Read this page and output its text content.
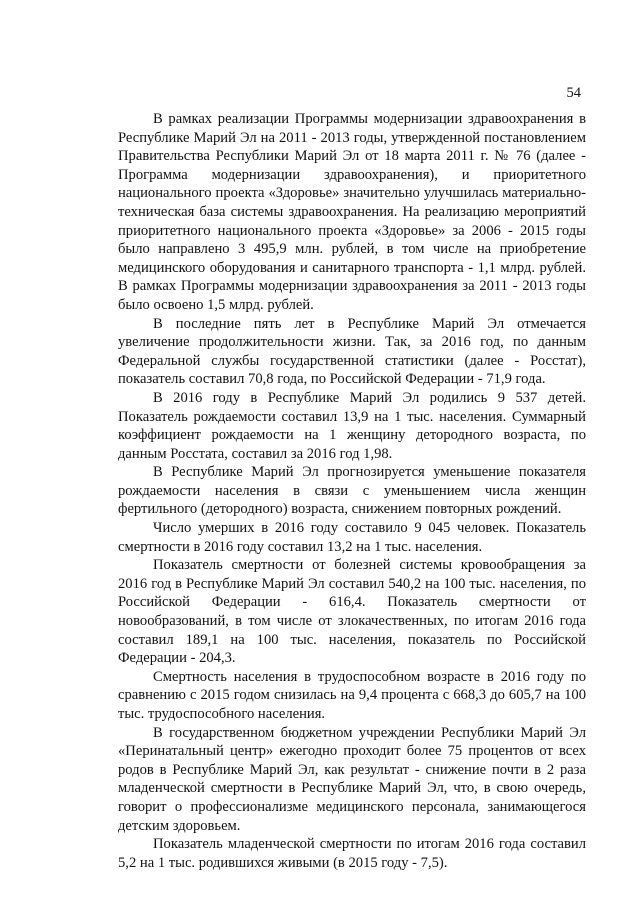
54

В рамках реализации Программы модернизации здравоохранения в Республике Марий Эл на 2011 - 2013 годы, утвержденной постановлением Правительства Республики Марий Эл от 18 марта 2011 г. № 76 (далее - Программа модернизации здравоохранения), и приоритетного национального проекта «Здоровье» значительно улучшилась материально-техническая база системы здравоохранения. На реализацию мероприятий приоритетного национального проекта «Здоровье» за 2006 - 2015 годы было направлено 3 495,9 млн. рублей, в том числе на приобретение медицинского оборудования и санитарного транспорта - 1,1 млрд. рублей. В рамках Программы модернизации здравоохранения за 2011 - 2013 годы было освоено 1,5 млрд. рублей.

В последние пять лет в Республике Марий Эл отмечается увеличение продолжительности жизни. Так, за 2016 год, по данным Федеральной службы государственной статистики (далее - Росстат), показатель составил 70,8 года, по Российской Федерации - 71,9 года.

В 2016 году в Республике Марий Эл родились 9 537 детей. Показатель рождаемости составил 13,9 на 1 тыс. населения. Суммарный коэффициент рождаемости на 1 женщину детородного возраста, по данным Росстата, составил за 2016 год 1,98.

В Республике Марий Эл прогнозируется уменьшение показателя рождаемости населения в связи с уменьшением числа женщин фертильного (детородного) возраста, снижением повторных рождений.

Число умерших в 2016 году составило 9 045 человек. Показатель смертности в 2016 году составил 13,2 на 1 тыс. населения.

Показатель смертности от болезней системы кровообращения за 2016 год в Республике Марий Эл составил 540,2 на 100 тыс. населения, по Российской Федерации - 616,4. Показатель смертности от новообразований, в том числе от злокачественных, по итогам 2016 года составил 189,1 на 100 тыс. населения, показатель по Российской Федерации - 204,3.

Смертность населения в трудоспособном возрасте в 2016 году по сравнению с 2015 годом снизилась на 9,4 процента с 668,3 до 605,7 на 100 тыс. трудоспособного населения.

В государственном бюджетном учреждении Республики Марий Эл «Перинатальный центр» ежегодно проходит более 75 процентов от всех родов в Республике Марий Эл, как результат - снижение почти в 2 раза младенческой смертности в Республике Марий Эл, что, в свою очередь, говорит о профессионализме медицинского персонала, занимающегося детским здоровьем.

Показатель младенческой смертности по итогам 2016 года составил 5,2 на 1 тыс. родившихся живыми (в 2015 году - 7,5).
